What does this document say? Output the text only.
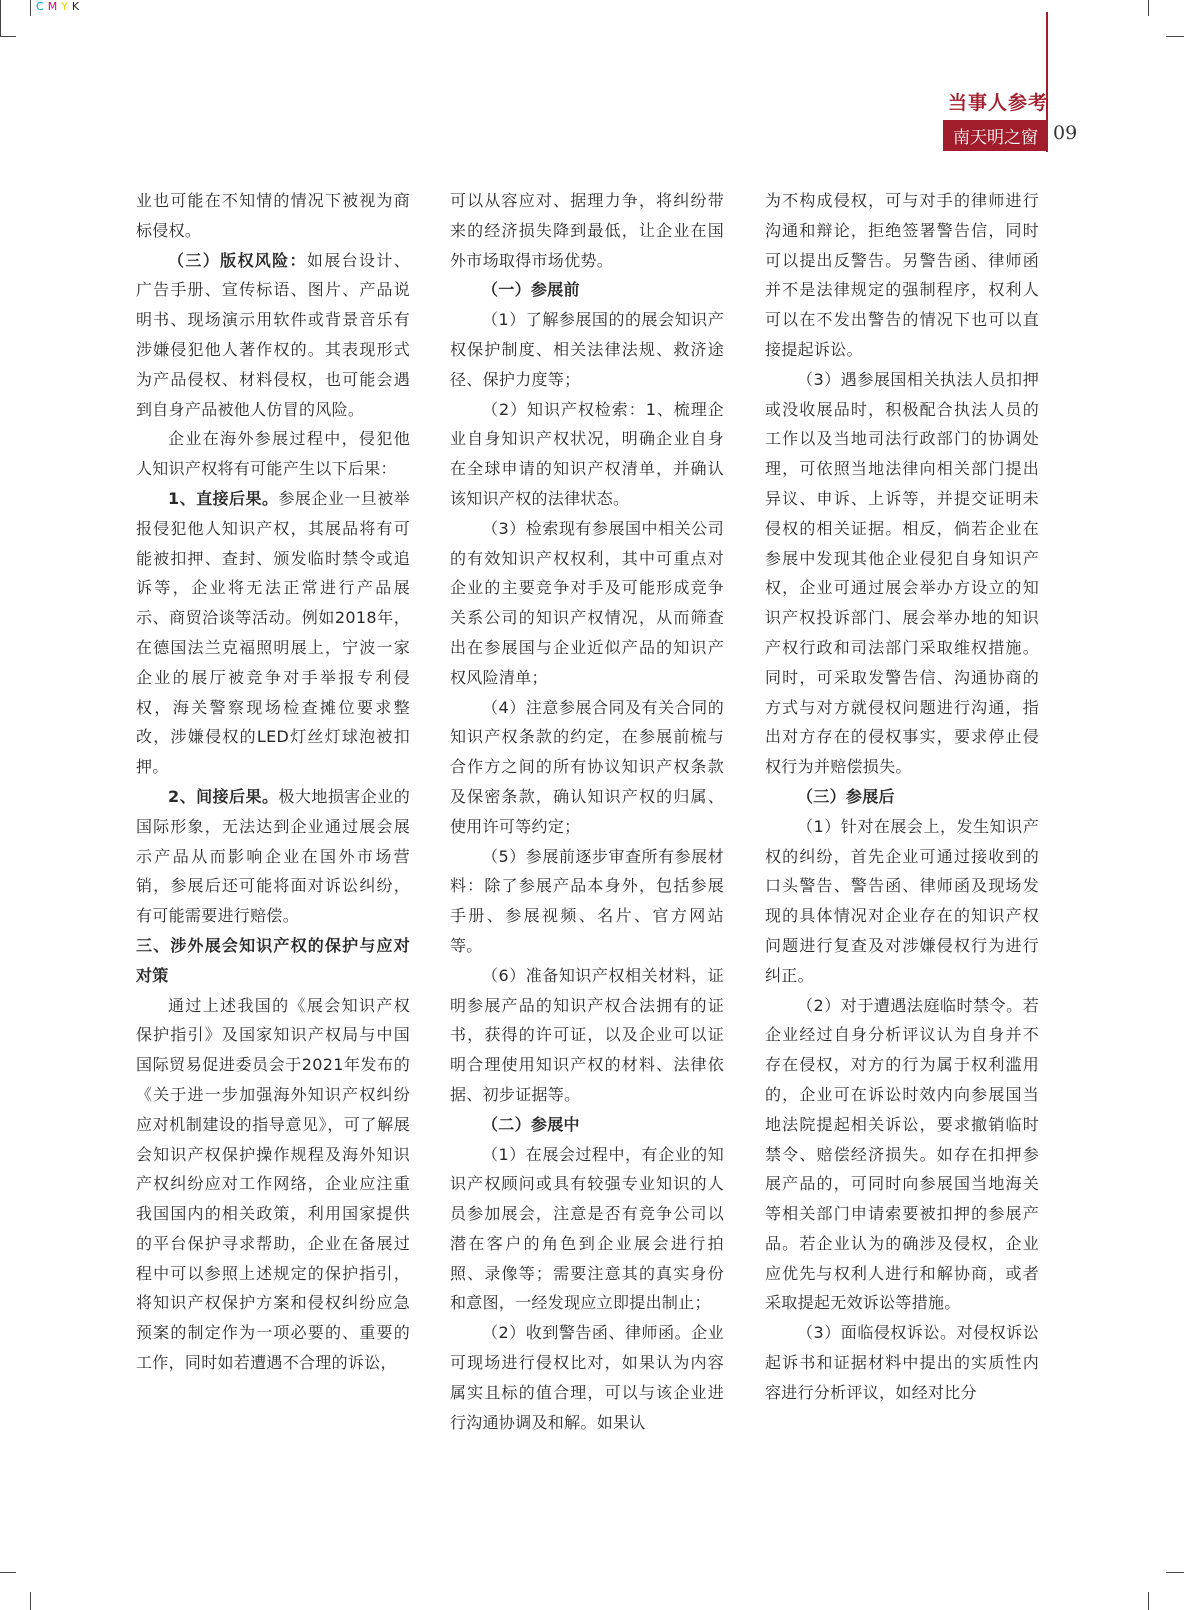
C M Y K
当事人参考
南天明之窗 09

业也可能在不知情的情况下被视为商标侵权。

（三）版权风险：如展台设计、广告手册、宣传标语、图片、产品说明书、现场演示用软件或背景音乐有涉嫌侵犯他人著作权的。其表现形式为产品侵权、材料侵权，也可能会遇到自身产品被他人仿冒的风险。

企业在海外参展过程中，侵犯他人知识产权将有可能产生以下后果：

1、直接后果。参展企业一旦被举报侵犯他人知识产权，其展品将有可能被扣押、查封、颁发临时禁令或追诉等，企业将无法正常进行产品展示、商贸洽谈等活动。例如2018年，在德国法兰克福照明展上，宁波一家企业的展厅被竞争对手举报专利侵权，海关警察现场检查摊位要求整改，涉嫌侵权的LED灯丝灯球泡被扣押。

2、间接后果。极大地损害企业的国际形象，无法达到企业通过展会展示产品从而影响企业在国外市场营销，参展后还可能将面对诉讼纠纷，有可能需要进行赔偿。

三、涉外展会知识产权的保护与应对对策

通过上述我国的《展会知识产权保护指引》及国家知识产权局与中国国际贸易促进委员会于2021年发布的《关于进一步加强海外知识产权纠纷应对机制建设的指导意见》，可了解展会知识产权保护操作规程及海外知识产权纠纷应对工作网络，企业应注重我国国内的相关政策，利用国家提供的平台保护寻求帮助，企业在备展过程中可以参照上述规定的保护指引，将知识产权保护方案和侵权纠纷应急预案的制定作为一项必要的、重要的工作，同时如若遭遇不合理的诉讼，

可以从容应对、据理力争，将纠纷带来的经济损失降到最低，让企业在国外市场取得市场优势。

（一）参展前

（1）了解参展国的的展会知识产权保护制度、相关法律法规、救济途径、保护力度等；

（2）知识产权检索：1、梳理企业自身知识产权状况，明确企业自身在全球申请的知识产权清单，并确认该知识产权的法律状态。

（3）检索现有参展国中相关公司的有效知识产权权利，其中可重点对企业的主要竞争对手及可能形成竞争关系公司的知识产权情况，从而筛查出在参展国与企业近似产品的知识产权风险清单；

（4）注意参展合同及有关合同的知识产权条款的约定，在参展前梳与合作方之间的所有协议知识产权条款及保密条款，确认知识产权的归属、使用许可等约定；

（5）参展前逐步审查所有参展材料：除了参展产品本身外，包括参展手册、参展视频、名片、官方网站等。

（6）准备知识产权相关材料，证明参展产品的知识产权合法拥有的证书，获得的许可证，以及企业可以证明合理使用知识产权的材料、法律依据、初步证据等。

（二）参展中

（1）在展会过程中，有企业的知识产权顾问或具有较强专业知识的人员参加展会，注意是否有竞争公司以潜在客户的角色到企业展会进行拍照、录像等；需要注意其的真实身份和意图，一经发现应立即提出制止；

（2）收到警告函、律师函。企业可现场进行侵权比对，如果认为内容属实且标的值合理，可以与该企业进行沟通协调及和解。如果认

为不构成侵权，可与对手的律师进行沟通和辩论，拒绝签署警告信，同时可以提出反警告。另警告函、律师函并不是法律规定的强制程序，权利人可以在不发出警告的情况下也可以直接提起诉讼。

（3）遇参展国相关执法人员扣押或没收展品时，积极配合执法人员的工作以及当地司法行政部门的协调处理，可依照当地法律向相关部门提出异议、申诉、上诉等，并提交证明未侵权的相关证据。相反，倘若企业在参展中发现其他企业侵犯自身知识产权，企业可通过展会举办方设立的知识产权投诉部门、展会举办地的知识产权行政和司法部门采取维权措施。同时，可采取发警告信、沟通协商的方式与对方就侵权问题进行沟通，指出对方存在的侵权事实，要求停止侵权行为并赔偿损失。

（三）参展后

（1）针对在展会上，发生知识产权的纠纷，首先企业可通过接收到的口头警告、警告函、律师函及现场发现的具体情况对企业存在的知识产权问题进行复查及对涉嫌侵权行为进行纠正。

（2）对于遭遇法庭临时禁令。若企业经过自身分析评议认为自身并不存在侵权，对方的行为属于权利滥用的，企业可在诉讼时效内向参展国当地法院提起相关诉讼，要求撤销临时禁令、赔偿经济损失。如存在扣押参展产品的，可同时向参展国当地海关等相关部门申请索要被扣押的参展产品。若企业认为的确涉及侵权，企业应优先与权利人进行和解协商，或者采取提起无效诉讼等措施。

（3）面临侵权诉讼。对侵权诉讼起诉书和证据材料中提出的实质性内容进行分析评议，如经对比分
